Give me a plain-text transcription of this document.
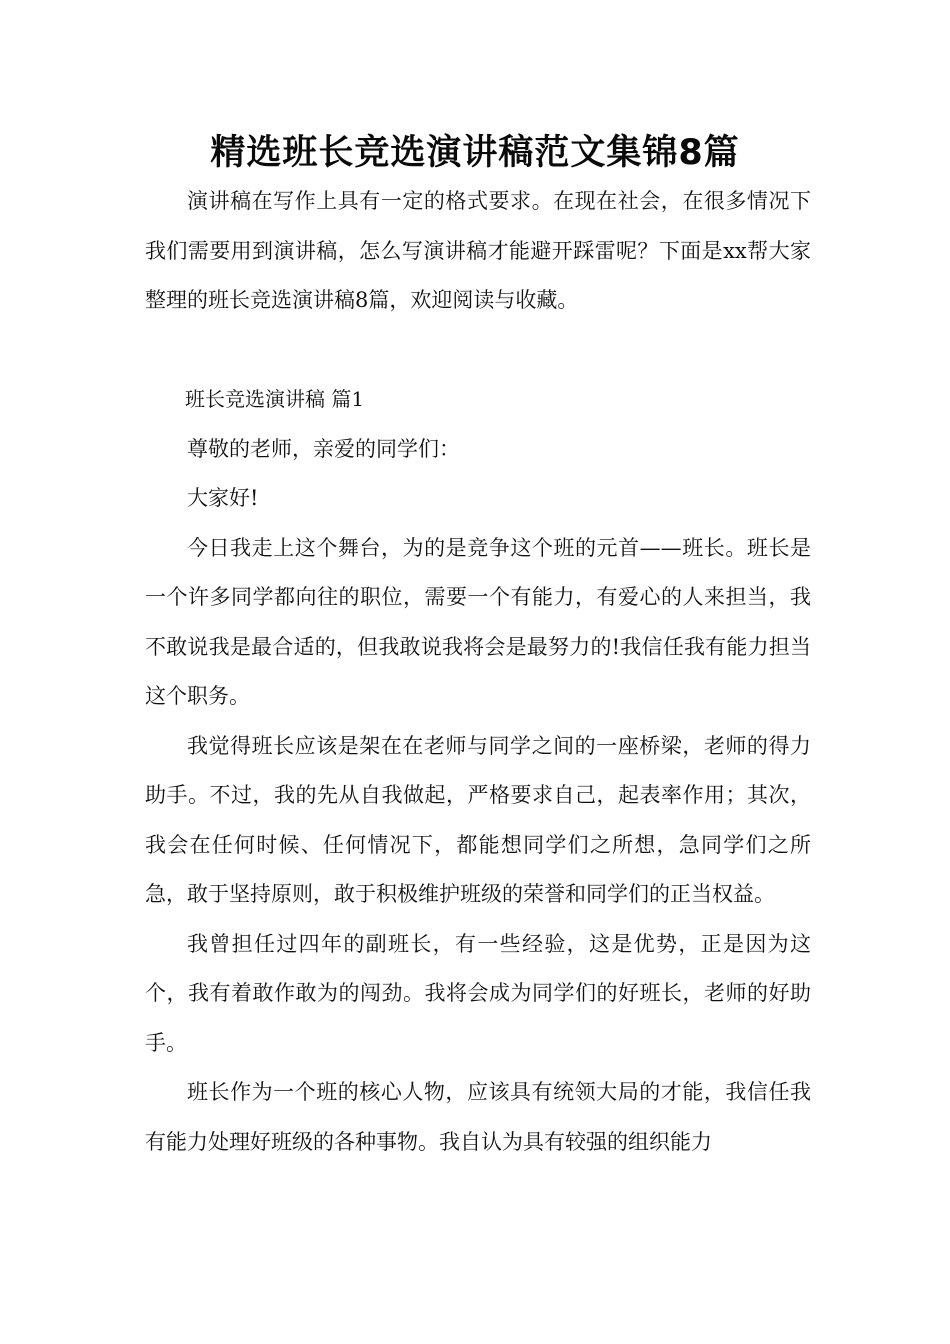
精选班长竞选演讲稿范文集锦8篇

演讲稿在写作上具有一定的格式要求。在现在社会，在很多情况下我们需要用到演讲稿，怎么写演讲稿才能避开踩雷呢？下面是xx帮大家整理的班长竞选演讲稿8篇，欢迎阅读与收藏。

班长竞选演讲稿 篇1

尊敬的老师，亲爱的同学们：

大家好!

今日我走上这个舞台，为的是竞争这个班的元首——班长。班长是一个许多同学都向往的职位，需要一个有能力，有爱心的人来担当，我不敢说我是最合适的，但我敢说我将会是最努力的!我信任我有能力担当这个职务。

我觉得班长应该是架在在老师与同学之间的一座桥梁，老师的得力助手。不过，我的先从自我做起，严格要求自己，起表率作用；其次，我会在任何时候、任何情况下，都能想同学们之所想，急同学们之所急，敢于坚持原则，敢于积极维护班级的荣誉和同学们的正当权益。

我曾担任过四年的副班长，有一些经验，这是优势，正是因为这个，我有着敢作敢为的闯劲。我将会成为同学们的好班长，老师的好助手。

班长作为一个班的核心人物，应该具有统领大局的才能，我信任我有能力处理好班级的各种事物。我自认为具有较强的组织能力
